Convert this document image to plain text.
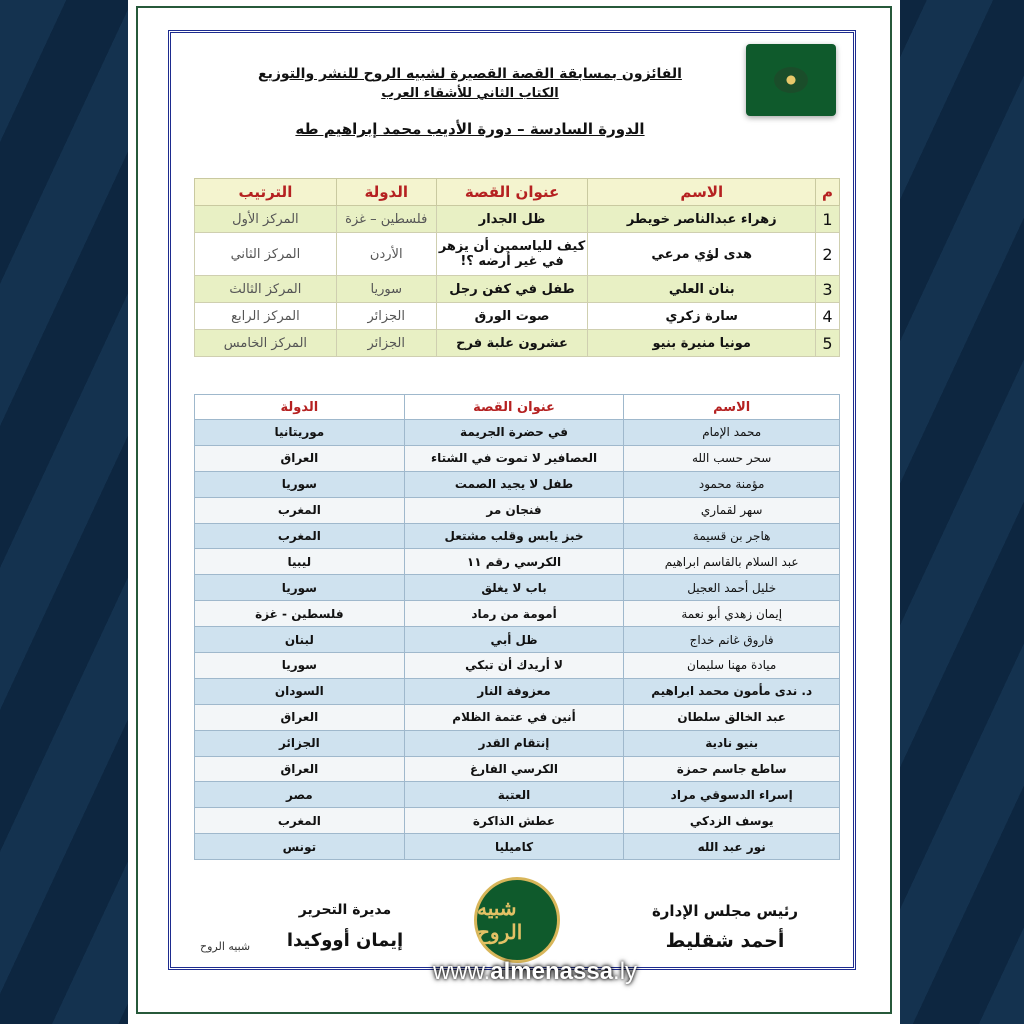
الفائزون بمسابقة القصة القصيرة لشبيه الروح للنشر والتوزيع
الكتاب الثاني للأشقاء العرب
الدورة السادسة – دورة الأديب محمد إبراهيم طه
م	الاسم	عنوان القصة	الدولة	الترتيب
1	زهراء عبدالناصر خويطر	ظل الجدار	فلسطين – غزة	المركز الأول
2	هدى لؤي مرعي	كيف للياسمين أن يزهر في غير أرضه ؟!	الأردن	المركز الثاني
3	بنان العلي	طفل في كفن رجل	سوريا	المركز الثالث
4	سارة زكري	صوت الورق	الجزائر	المركز الرابع
5	مونيا منيرة بنيو	عشرون علبة فرح	الجزائر	المركز الخامس
الاسم	عنوان القصة	الدولة
محمد الإمام	في حضرة الجريمة	موريتانيا
سحر حسب الله	العصافير لا تموت في الشتاء	العراق
مؤمنة محمود	طفل لا يجيد الصمت	سوريا
سهر لقماري	فنجان مر	المغرب
هاجر بن قسيمة	خبز يابس وقلب مشتعل	المغرب
عبد السلام بالقاسم ابراهيم	الكرسي رقم ١١	ليبيا
خليل أحمد العجيل	باب لا يغلق	سوريا
إيمان زهدي أبو نعمة	أمومة من رماد	فلسطين - غزة
فاروق غانم خداج	ظل أبي	لبنان
ميادة مهنا سليمان	لا أريدك أن تبكي	سوريا
د. ندى مأمون محمد ابراهيم	معزوفة النار	السودان
عبد الخالق سلطان	أنين في عتمة الظلام	العراق
بنيو نادية	إنتقام القدر	الجزائر
ساطع جاسم حمزة	الكرسي الفارغ	العراق
إسراء الدسوقي مراد	العتبة	مصر
يوسف الزدكي	عطش الذاكرة	المغرب
نور عبد الله	كاميليا	تونس
رئيس مجلس الإدارة
أحمد شقليط
مديرة التحرير
إيمان أووكيدا
شبيه الروح
شبيه الروح
www.almenassa.ly
